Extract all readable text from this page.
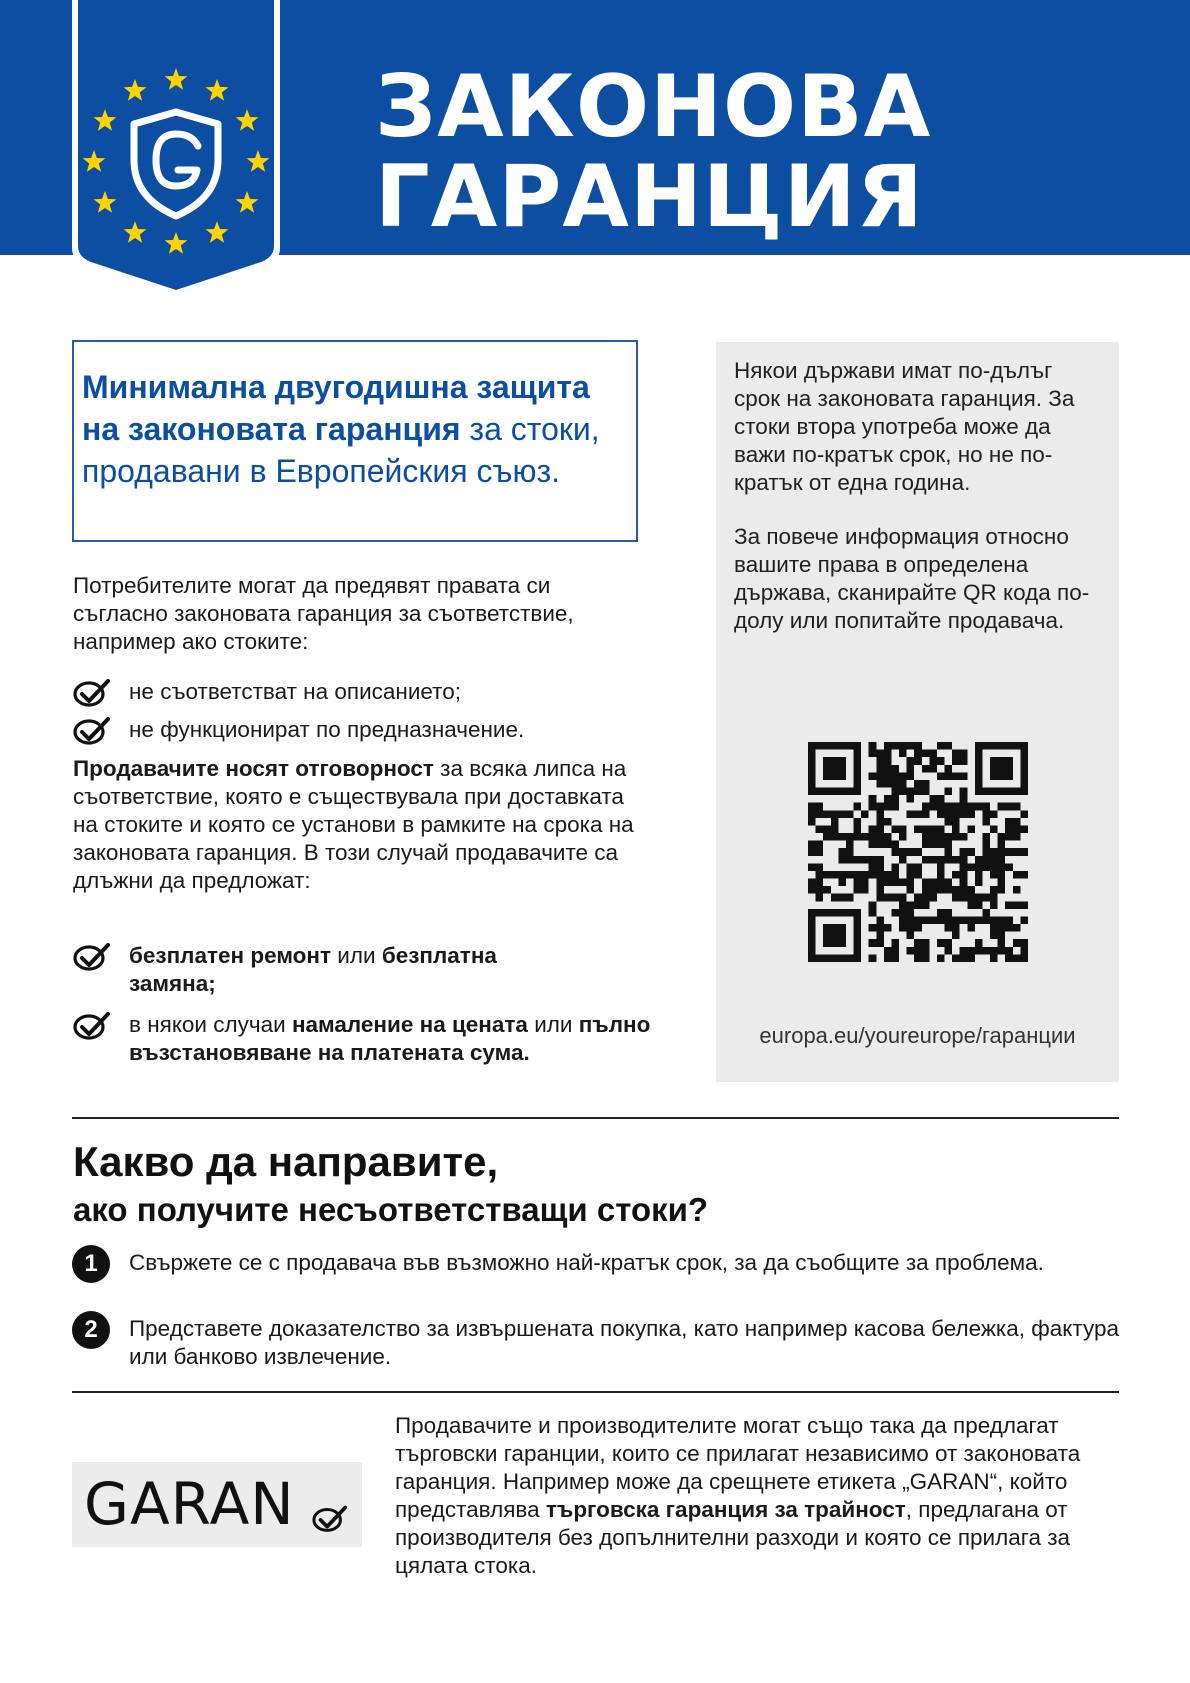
ЗАКОНОВА
ГАРАНЦИЯ
Минимална двугодишна защита на законовата гаранция за стоки, продавани в Европейския съюз.
Потребителите могат да предявят правата си съгласно законовата гаранция за съответствие, например ако стоките:
не съответстват на описанието;
не функционират по предназначение.
Продавачите носят отговорност за всяка липса на съответствие, която е съществувала при доставката на стоките и която се установи в рамките на срока на законовата гаранция. В този случай продавачите са длъжни да предложат:
безплатен ремонт или безплатна замяна;
в някои случаи намаление на цената или пълно възстановяване на платената сума.

Някои държави имат по-дълъг срок на законовата гаранция. За стоки втора употреба може да важи по-кратък срок, но не по-кратък от една година.

За повече информация относно вашите права в определена държава, сканирайте QR кода по-долу или попитайте продавача.

europa.eu/youreurope/гаранции
Какво да направите,
ако получите несъответстващи стоки?
1	Свържете се с продавача във възможно най-кратък срок, за да съобщите за проблема.
2	Представете доказателство за извършената покупка, като например касова бележка, фактура или банково извлечение.
GARAN
Продавачите и производителите могат също така да предлагат търговски гаранции, които се прилагат независимо от законовата гаранция. Например може да срещнете етикета „GARAN“, който представлява търговска гаранция за трайност, предлагана от производителя без допълнителни разходи и която се прилага за цялата стока.
